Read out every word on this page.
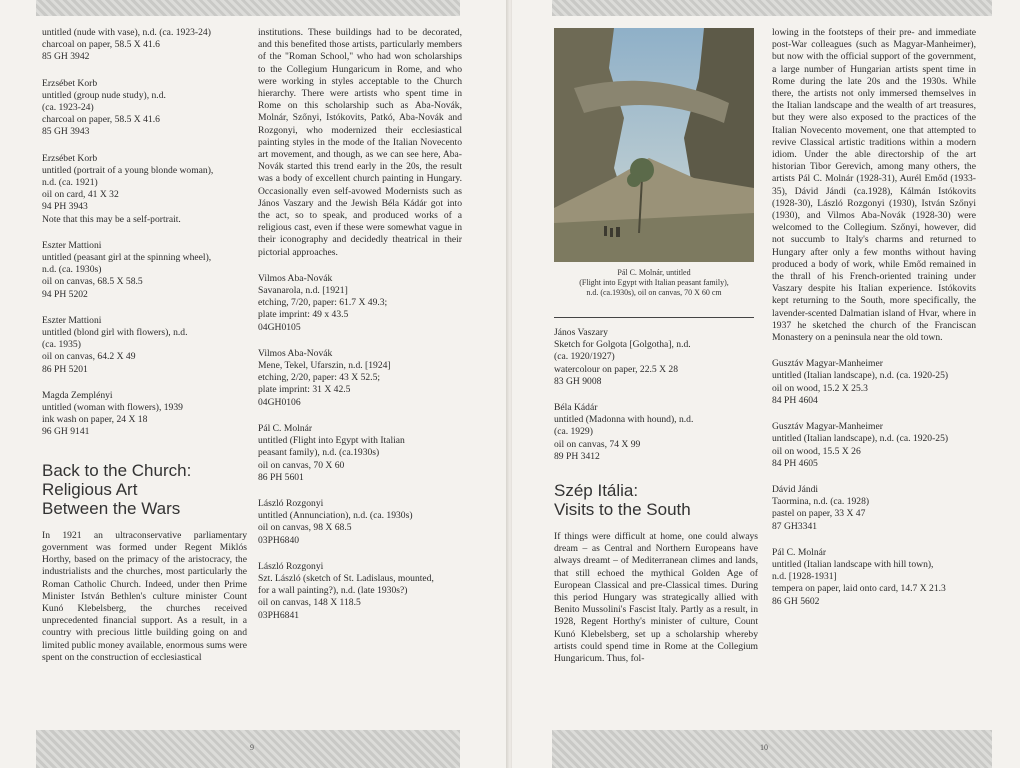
untitled (nude with vase), n.d. (ca. 1923-24)
charcoal on paper, 58.5 X 41.6
85 GH 3942
Erzsébet Korb
untitled (group nude study), n.d.
(ca. 1923-24)
charcoal on paper, 58.5 X 41.6
85 GH 3943
Erzsébet Korb
untitled (portrait of a young blonde woman),
n.d. (ca. 1921)
oil on card, 41 X 32
94 PH 3943
Note that this may be a self-portrait.
Eszter Mattioni
untitled (peasant girl at the spinning wheel),
n.d. (ca. 1930s)
oil on canvas, 68.5 X 58.5
94 PH 5202
Eszter Mattioni
untitled (blond girl with flowers), n.d.
(ca. 1935)
oil on canvas, 64.2 X 49
86 PH 5201
Magda Zemplényi
untitled (woman with flowers), 1939
ink wash on paper, 24 X 18
96 GH 9141
Back to the Church:
Religious Art
Between the Wars
In 1921 an ultraconservative parliamentary government was formed under Regent Miklós Horthy, based on the primacy of the aristocracy, the industrialists and the churches, most particularly the Roman Catholic Church. Indeed, under then Prime Minister István Bethlen's culture minister Count Kunó Klebelsberg, the churches received unprecedented financial support. As a result, in a country with precious little building going on and limited public money available, enormous sums were spent on the construction of ecclesiastical
institutions. These buildings had to be decorated, and this benefited those artists, particularly members of the "Roman School," who had won scholarships to the Collegium Hungaricum in Rome, and who were working in styles acceptable to the Church hierarchy. There were artists who spent time in Rome on this scholarship such as Aba-Novák, Molnár, Szőnyi, Istókovits, Patkó, Aba-Novák and Rozgonyi, who modernized their ecclesiastical painting styles in the mode of the Italian Novecento art movement, and though, as we can see here, Aba-Novák started this trend early in the 20s, the result was a body of excellent church painting in Hungary. Occasionally even self-avowed Modernists such as János Vaszary and the Jewish Béla Kádár got into the act, so to speak, and produced works of a religious cast, even if these were somewhat vague in their iconography and decidedly theatrical in their pictorial approaches.
Vilmos Aba-Novák
Savanarola, n.d. [1921]
etching, 7/20, paper: 61.7 X 49.3;
plate imprint: 49 x 43.5
04GH0105
Vilmos Aba-Novák
Mene, Tekel, Ufarszin, n.d. [1924]
etching, 2/20, paper: 43 X 52.5;
plate imprint: 31 X 42.5
04GH0106
Pál C. Molnár
untitled (Flight into Egypt with Italian
peasant family), n.d. (ca.1930s)
oil on canvas, 70 X 60
86 PH 5601
László Rozgonyi
untitled (Annunciation), n.d. (ca. 1930s)
oil on canvas, 98 X 68.5
03PH6840
László Rozgonyi
Szt. László (sketch of St. Ladislaus, mounted,
for a wall painting?), n.d. (late 1930s?)
oil on canvas, 148 X 118.5
03PH6841
9
lowing in the footsteps of their pre- and immediate post-War colleagues (such as Magyar-Manheimer), but now with the official support of the government, a large number of Hungarian artists spent time in Rome during the late 20s and the 1930s. While there, the artists not only immersed themselves in the Italian landscape and the wealth of art treasures, but they were also exposed to the practices of the Italian Novecento movement, one that attempted to revive Classical artistic traditions within a modern idiom. Under the able directorship of the art historian Tibor Gerevich, among many others, the artists Pál C. Molnár (1928-31), Aurél Emőd (1933-35), Dávid Jándi (ca.1928), Kálmán Istókovits (1928-30), László Rozgonyi (1930), István Szőnyi (1930), and Vilmos Aba-Novák (1928-30) were welcomed to the Collegium. Szőnyi, however, did not succumb to Italy's charms and returned to Hungary after only a few months without having produced a body of work, while Emőd remained in the thrall of his French-oriented training under Vaszary despite his Italian experience. Istókovits kept returning to the South, more specifically, the lavender-scented Dalmatian island of Hvar, where in 1937 he sketched the church of the Franciscan Monastery on a peninsula near the old town.
Gusztáv Magyar-Manheimer
untitled (Italian landscape), n.d. (ca. 1920-25)
oil on wood, 15.2 X 25.3
84 PH 4604
Gusztáv Magyar-Manheimer
untitled (Italian landscape), n.d. (ca. 1920-25)
oil on wood, 15.5 X 26
84 PH 4605
Dávid Jándi
Taormina, n.d. (ca. 1928)
pastel on paper, 33 X 47
87 GH3341
Pál C. Molnár
untitled (Italian landscape with hill town),
n.d. [1928-1931]
tempera on paper, laid onto card, 14.7 X 21.3
86 GH 5602
János Vaszary
Sketch for Golgota [Golgotha], n.d.
(ca. 1920/1927)
watercolour on paper, 22.5 X 28
83 GH 9008
Béla Kádár
untitled (Madonna with hound), n.d.
(ca. 1929)
oil on canvas, 74 X 99
89 PH 3412
Szép Itália:
Visits to the South
If things were difficult at home, one could always dream – as Central and Northern Europeans have always dreamt – of Mediterranean climes and lands, that still echoed the mythical Golden Age of European Classical and pre-Classical times. During this period Hungary was strategically allied with Benito Mussolini's Fascist Italy. Partly as a result, in 1928, Regent Horthy's minister of culture, Count Kunó Klebelsberg, set up a scholarship whereby artists could spend time in Rome at the Collegium Hungaricum. Thus, fol-
10
Pál C. Molnár, untitled
(Flight into Egypt with Italian peasant family),
n.d. (ca.1930s), oil on canvas, 70 X 60 cm
